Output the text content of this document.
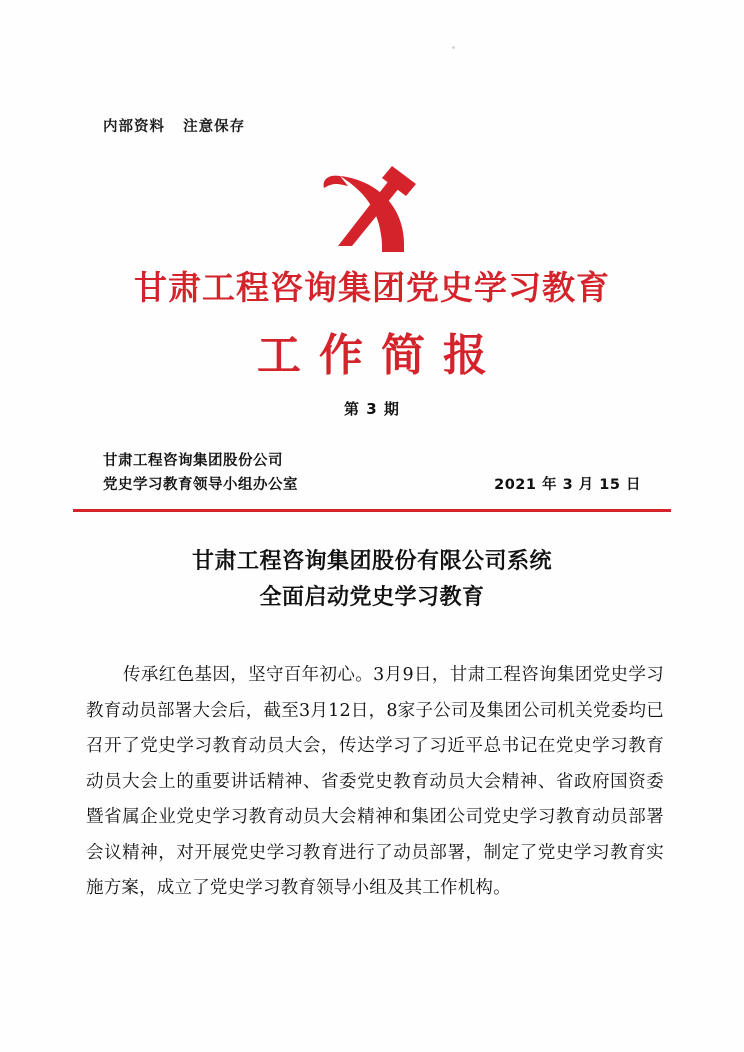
内部资料   注意保存
甘肃工程咨询集团党史学习教育
工作简报
第 3 期
甘肃工程咨询集团股份公司
党史学习教育领导小组办公室	2021 年 3 月 15 日
甘肃工程咨询集团股份有限公司系统
全面启动党史学习教育
传承红色基因，坚守百年初心。3月9日，甘肃工程咨询集团党史学习教育动员部署大会后，截至3月12日，8家子公司及集团公司机关党委均已召开了党史学习教育动员大会，传达学习了习近平总书记在党史学习教育动员大会上的重要讲话精神、省委党史教育动员大会精神、省政府国资委暨省属企业党史学习教育动员大会精神和集团公司党史学习教育动员部署会议精神，对开展党史学习教育进行了动员部署，制定了党史学习教育实施方案，成立了党史学习教育领导小组及其工作机构。
